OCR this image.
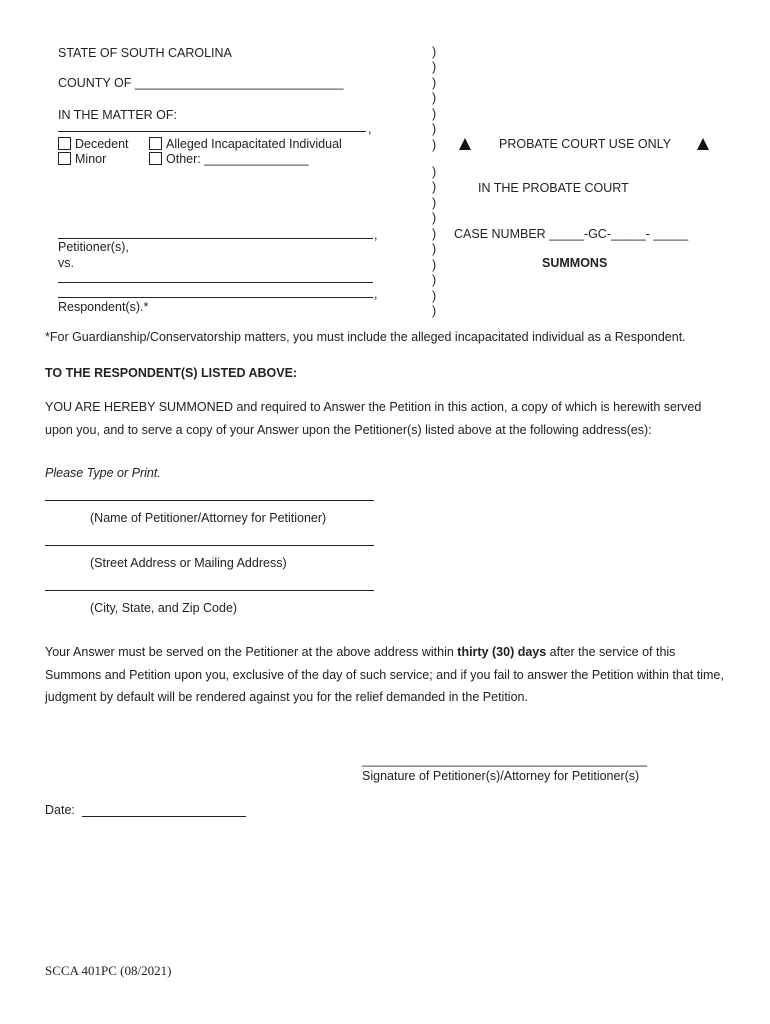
STATE OF SOUTH CAROLINA
COUNTY OF ______________________________
IN THE MATTER OF:
,
Decedent
Minor
Alleged Incapacitated Individual
Other: _______________
,
Petitioner(s),
vs.
,
Respondent(s).*
)
)
)
)
)
)
)
)
)
)
)
)
)
)
)
)
)
PROBATE COURT USE ONLY
IN THE PROBATE COURT
CASE NUMBER _____-GC-_____- _____
SUMMONS
*For Guardianship/Conservatorship matters, you must include the alleged incapacitated individual as a Respondent.
TO THE RESPONDENT(S) LISTED ABOVE:
YOU ARE HEREBY SUMMONED and required to Answer the Petition in this action, a copy of which is herewith served upon you, and to serve a copy of your Answer upon the Petitioner(s) listed above at the following address(es):
Please Type or Print.
(Name of Petitioner/Attorney for Petitioner)
(Street Address or Mailing Address)
(City, State, and Zip Code)
Your Answer must be served on the Petitioner at the above address within thirty (30) days after the service of this Summons and Petition upon you, exclusive of the day of such service; and if you fail to answer the Petition within that time, judgment by default will be rendered against you for the relief demanded in the Petition.
_________________________________________
Signature of Petitioner(s)/Attorney for Petitioner(s)
Date:
SCCA 401PC (08/2021)
